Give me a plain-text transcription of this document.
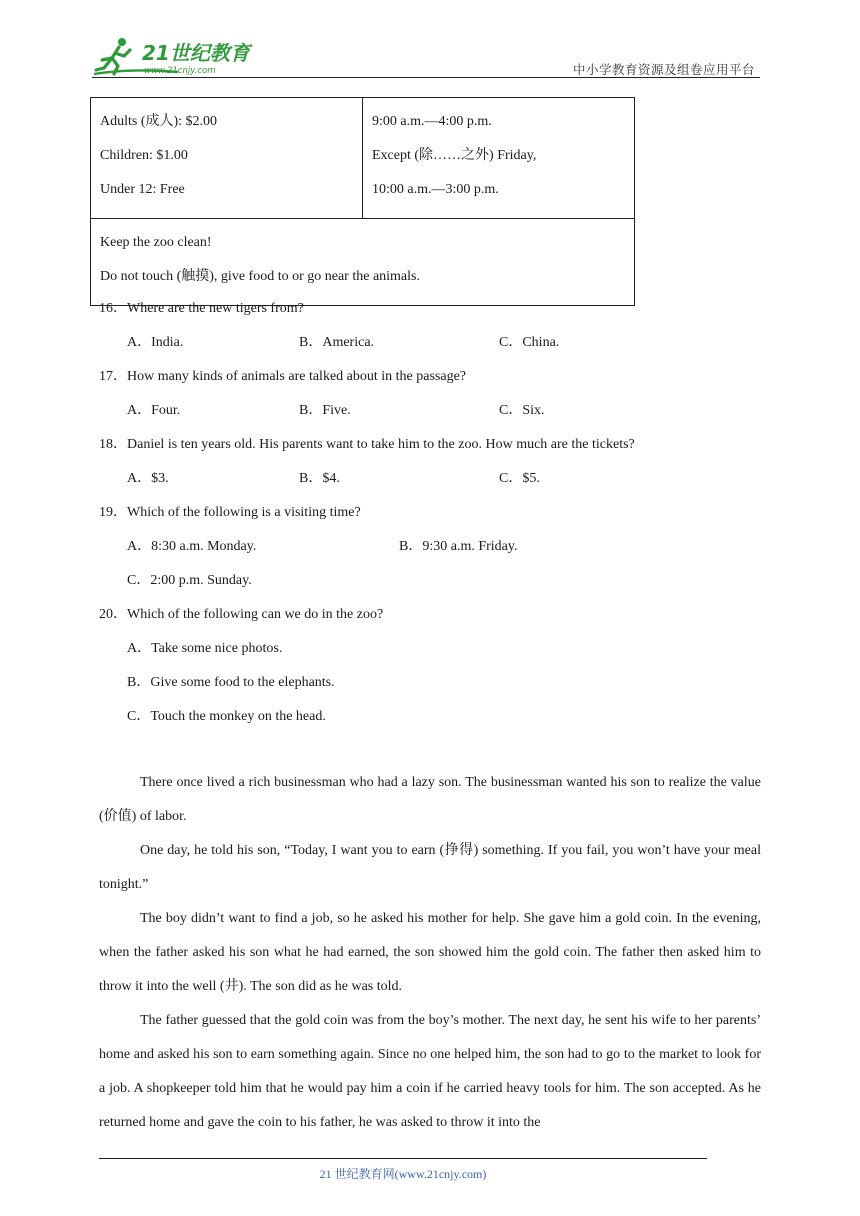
21世纪教育
www.21cnjy.com	中小学教育资源及组卷应用平台
Adults (成人): $2.00
Children: $1.00
Under 12: Free

9:00 a.m.—4:00 p.m.
Except (除……之外) Friday,
10:00 a.m.—3:00 p.m.

Keep the zoo clean!
Do not touch (触摸), give food to or go near the animals.
16．Where are the new tigers from?
A．India.	B．America.	C．China.
17．How many kinds of animals are talked about in the passage?
A．Four.	B．Five.	C．Six.
18．Daniel is ten years old. His parents want to take him to the zoo. How much are the tickets?
A．$3.	B．$4.	C．$5.
19．Which of the following is a visiting time?
A．8:30 a.m. Monday.	B．9:30 a.m. Friday.
C．2:00 p.m. Sunday.
20．Which of the following can we do in the zoo?
A．Take some nice photos.
B．Give some food to the elephants.
C．Touch the monkey on the head.

There once lived a rich businessman who had a lazy son. The businessman wanted his son to realize the value (价值) of labor.

One day, he told his son, “Today, I want you to earn (挣得) something. If you fail, you won’t have your meal tonight.”

The boy didn’t want to find a job, so he asked his mother for help. She gave him a gold coin. In the evening, when the father asked his son what he had earned, the son showed him the gold coin. The father then asked him to throw it into the well (井). The son did as he was told.

The father guessed that the gold coin was from the boy’s mother. The next day, he sent his wife to her parents’ home and asked his son to earn something again. Since no one helped him, the son had to go to the market to look for a job. A shopkeeper told him that he would pay him a coin if he carried heavy tools for him. The son accepted. As he returned home and gave the coin to his father, he was asked to throw it into the

21 世纪教育网(www.21cnjy.com)
